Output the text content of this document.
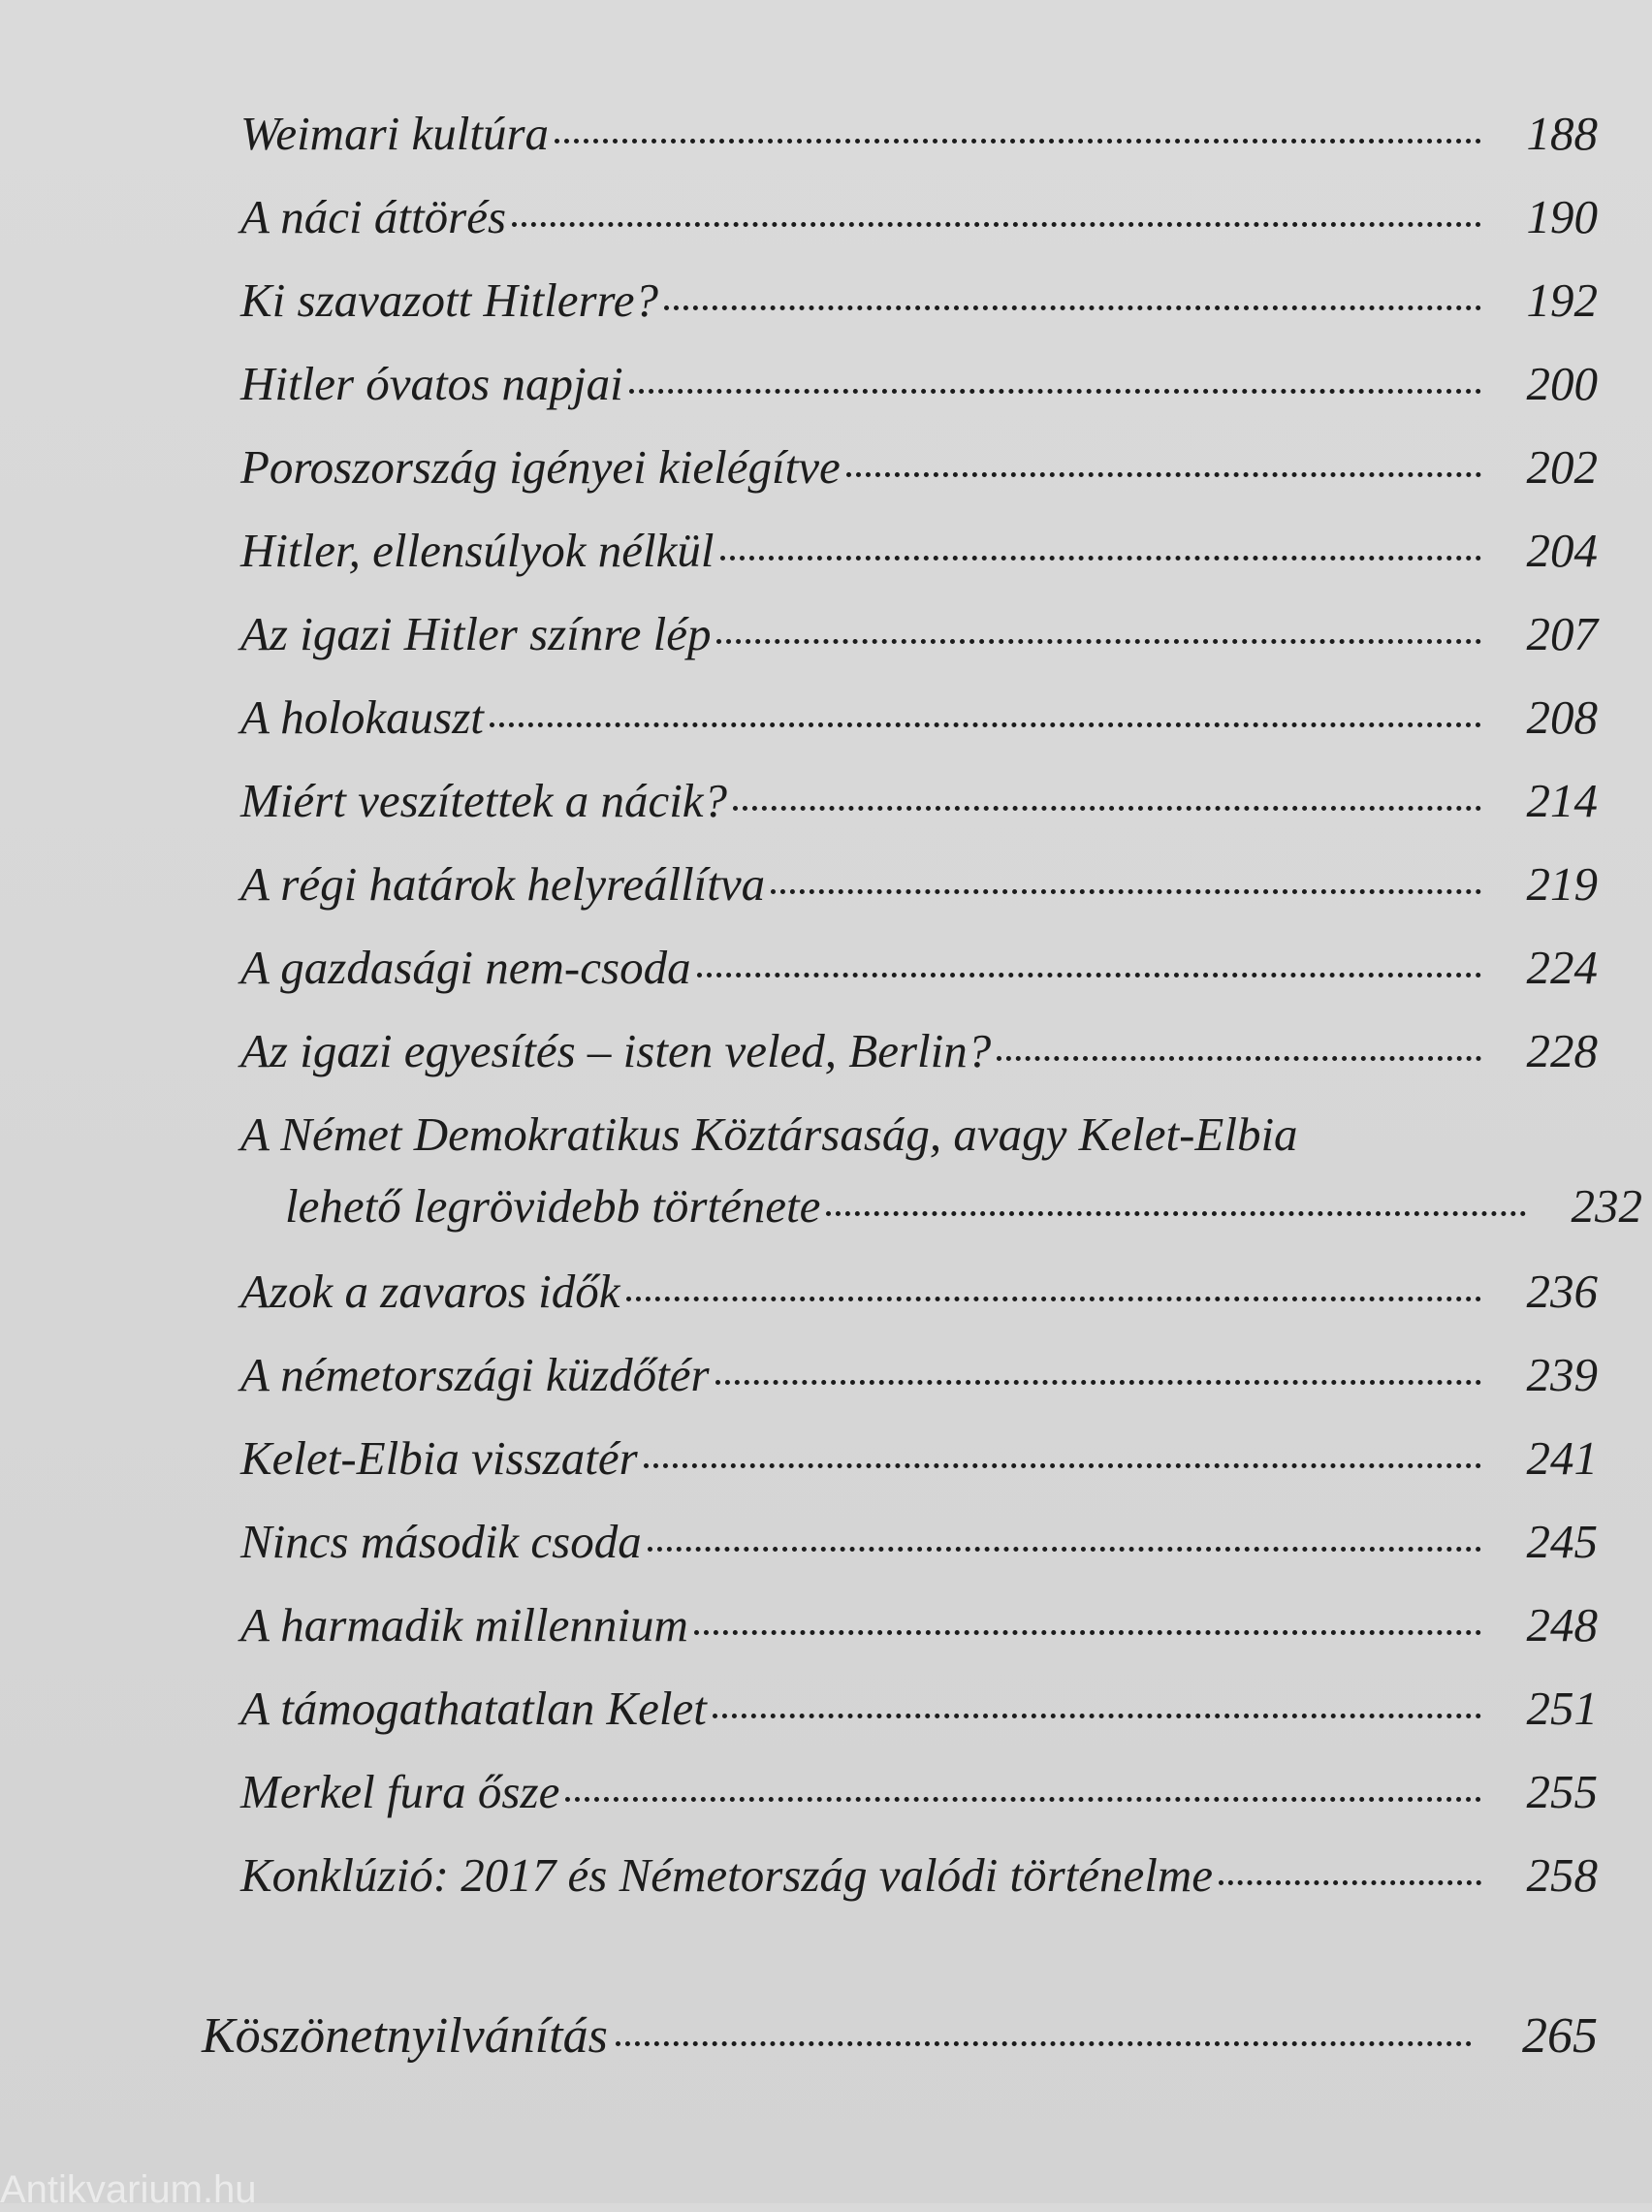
Weimari kultúra	188
A náci áttörés	190
Ki szavazott Hitlerre?	192
Hitler óvatos napjai	200
Poroszország igényei kielégítve	202
Hitler, ellensúlyok nélkül	204
Az igazi Hitler színre lép	207
A holokauszt	208
Miért veszítettek a nácik?	214
A régi határok helyreállítva	219
A gazdasági nem-csoda	224
Az igazi egyesítés – isten veled, Berlin?	228
A Német Demokratikus Köztársaság, avagy Kelet-Elbia
lehető legrövidebb története	232
Azok a zavaros idők	236
A németországi küzdőtér	239
Kelet-Elbia visszatér	241
Nincs második csoda	245
A harmadik millennium	248
A támogathatatlan Kelet	251
Merkel fura ősze	255
Konklúzió: 2017 és Németország valódi történelme	258
Köszönetnyilvánítás	265
Antikvarium.hu
